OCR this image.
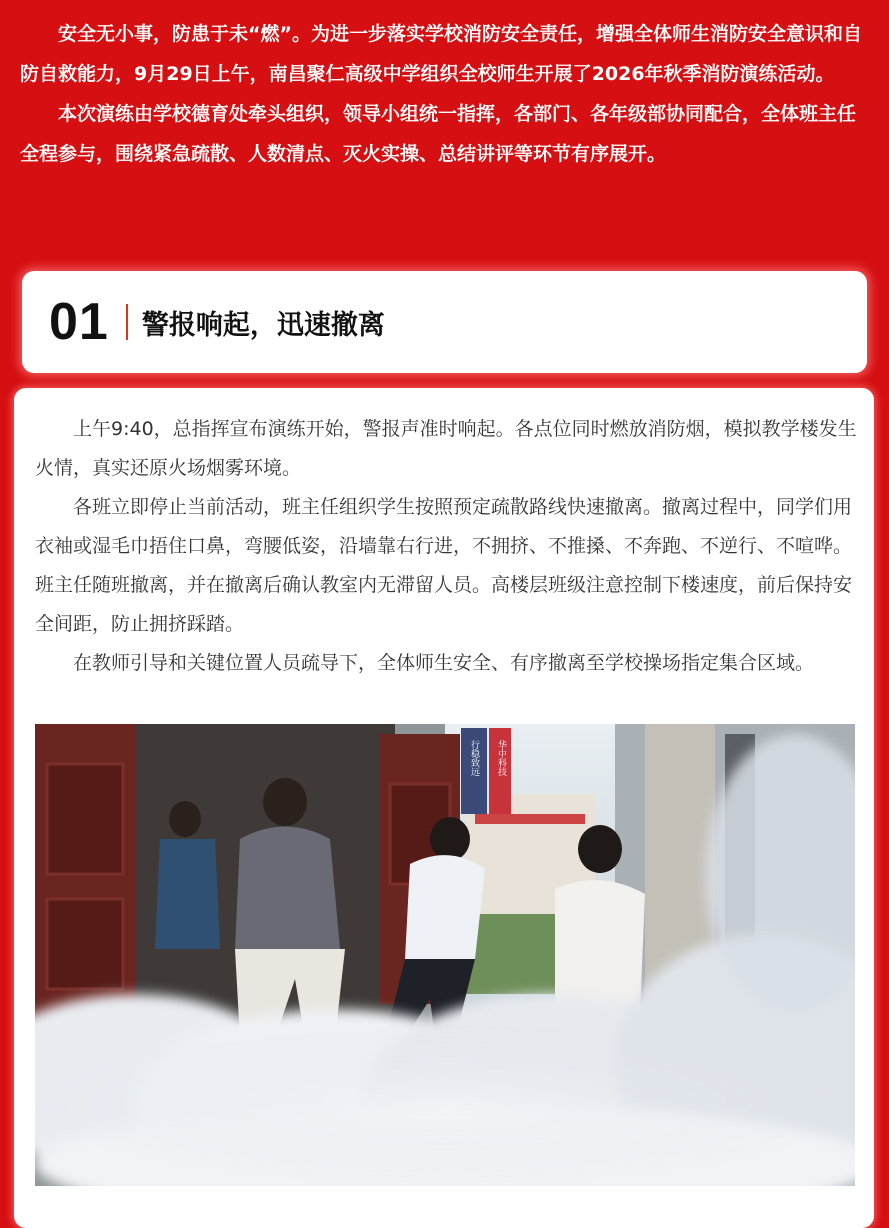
安全无小事，防患于未“燃”。为进一步落实学校消防安全责任，增强全体师生消防安全意识和自防自救能力，9月29日上午，南昌聚仁高级中学组织全校师生开展了2026年秋季消防演练活动。

本次演练由学校德育处牵头组织，领导小组统一指挥，各部门、各年级部协同配合，全体班主任全程参与，围绕紧急疏散、人数清点、灭火实操、总结讲评等环节有序展开。

01 警报响起，迅速撤离

上午9:40，总指挥宣布演练开始，警报声准时响起。各点位同时燃放消防烟，模拟教学楼发生火情，真实还原火场烟雾环境。

各班立即停止当前活动，班主任组织学生按照预定疏散路线快速撤离。撤离过程中，同学们用衣袖或湿毛巾捂住口鼻，弯腰低姿，沿墙靠右行进，不拥挤、不推搡、不奔跑、不逆行、不喧哗。班主任随班撤离，并在撤离后确认教室内无滞留人员。高楼层班级注意控制下楼速度，前后保持安全间距，防止拥挤踩踏。

在教师引导和关键位置人员疏导下，全体师生安全、有序撤离至学校操场指定集合区域。

华中科技
行稳致远
